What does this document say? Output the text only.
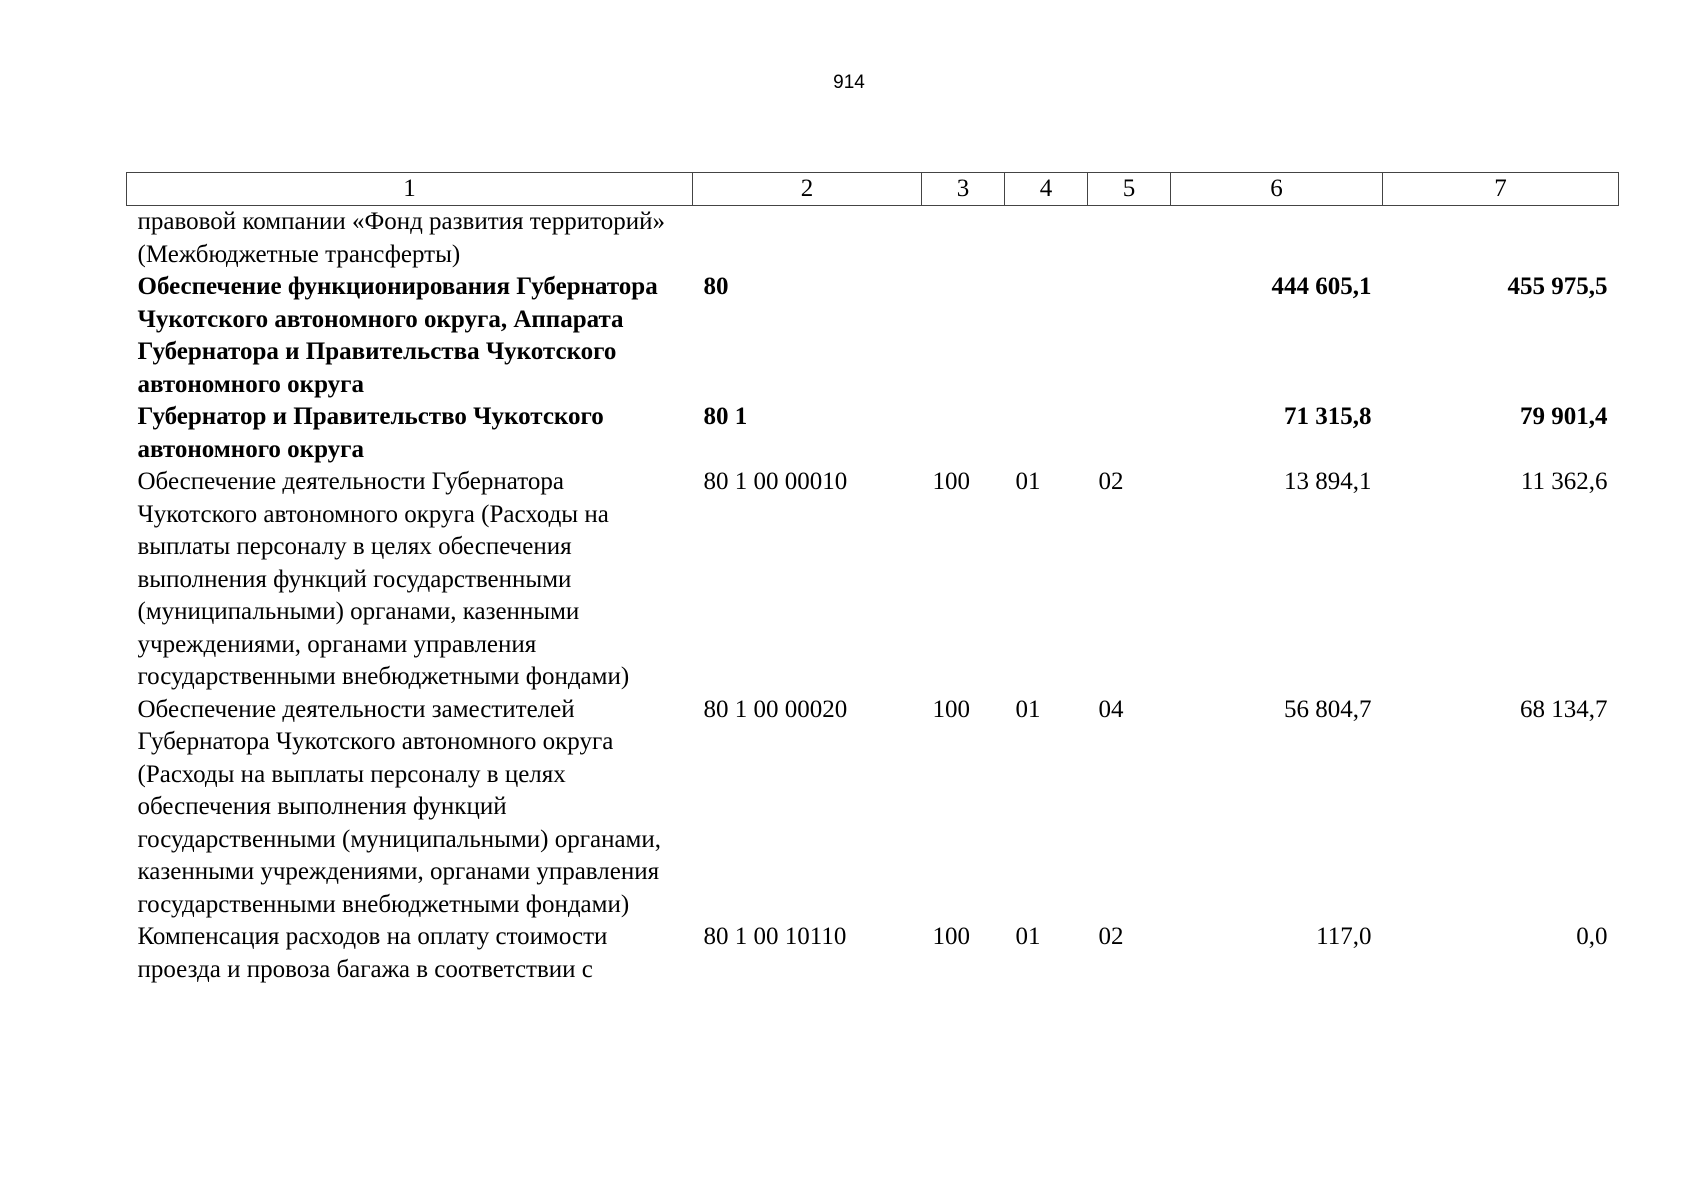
914
1	2	3	4	5	6	7
правовой компании «Фонд развития территорий» (Межбюджетные трансферты)						
Обеспечение функционирования Губернатора Чукотского автономного округа, Аппарата Губернатора и Правительства Чукотского автономного округа	80				444 605,1	455 975,5
Губернатор и Правительство Чукотского автономного округа	80 1				71 315,8	79 901,4
Обеспечение деятельности Губернатора Чукотского автономного округа (Расходы на выплаты персоналу в целях обеспечения выполнения функций государственными (муниципальными) органами, казенными учреждениями, органами управления государственными внебюджетными фондами)	80 1 00 00010	100	01	02	13 894,1	11 362,6
Обеспечение деятельности заместителей Губернатора Чукотского автономного округа (Расходы на выплаты персоналу в целях обеспечения выполнения функций государственными (муниципальными) органами, казенными учреждениями, органами управления государственными внебюджетными фондами)	80 1 00 00020	100	01	04	56 804,7	68 134,7
Компенсация расходов на оплату стоимости проезда и провоза багажа в соответствии с	80 1 00 10110	100	01	02	117,0	0,0
